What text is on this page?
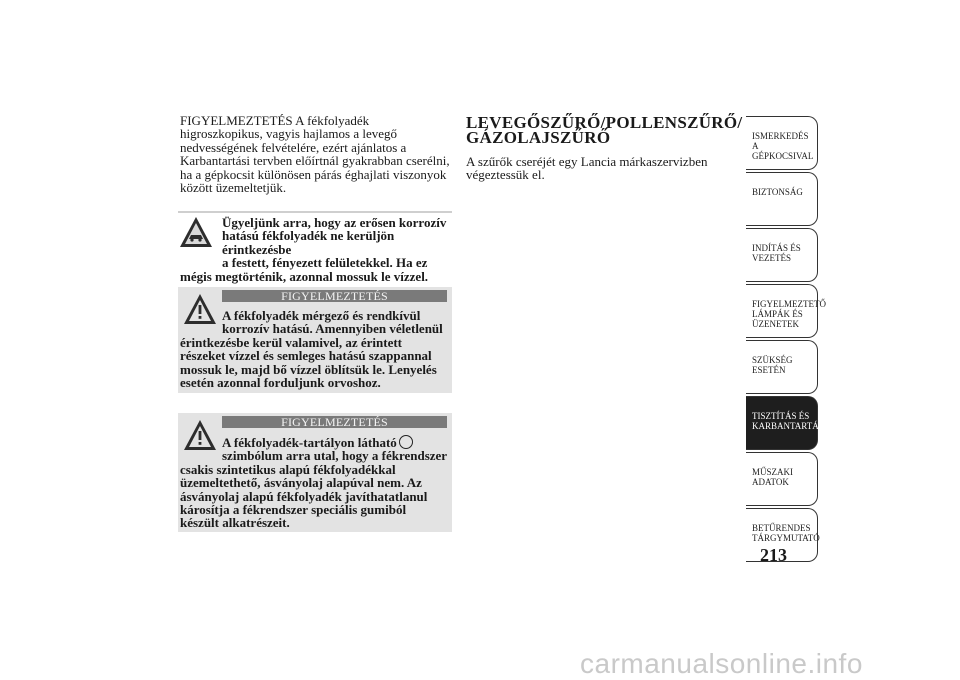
FIGYELMEZTETÉS A fékfolyadék higroszkopikus, vagyis hajlamos a levegő nedvességének felvételére, ezért ajánlatos a Karbantartási tervben előírtnál gyakrabban cserélni, ha a gépkocsit különösen párás éghajlati viszonyok között üzemeltetjük.
Ügyeljünk arra, hogy az erősen korrozív
hatású fékfolyadék ne kerüljön érintkezésbe
a festett, fényezett felületekkel. Ha ez
mégis megtörténik, azonnal mossuk le vízzel.
FIGYELMEZTETÉS
A fékfolyadék mérgező és rendkívül
korrozív hatású. Amennyiben véletlenül
érintkezésbe kerül valamivel, az érintett részeket vízzel és semleges hatású szappannal mossuk le, majd bő vízzel öblítsük le. Lenyelés esetén azonnal forduljunk orvoshoz.
FIGYELMEZTETÉS
A fékfolyadék-tartályon látható
szimbólum arra utal, hogy a fékrendszer
csakis szintetikus alapú fékfolyadékkal üzemeltethető, ásványolaj alapúval nem. Az ásványolaj alapú fékfolyadék javíthatatlanul károsítja a fékrendszer speciális gumiból készült alkatrészeit.
LEVEGŐSZŰRŐ/POLLENSZŰRŐ/ GÁZOLAJSZŰRŐ
A szűrők cseréjét egy Lancia márkaszervizben végeztessük el.
ISMERKEDÉS A
GÉPKOCSIVAL
BIZTONSÁG
INDÍTÁS ÉS
VEZETÉS
FIGYELMEZTETŐ
LÁMPÁK ÉS
ÜZENETEK
SZÜKSÉG ESETÉN
TISZTÍTÁS ÉS
KARBANTARTÁS
MŰSZAKI ADATOK
BETŰRENDES
TÁRGYMUTATÓ
213
carmanualsonline.info
